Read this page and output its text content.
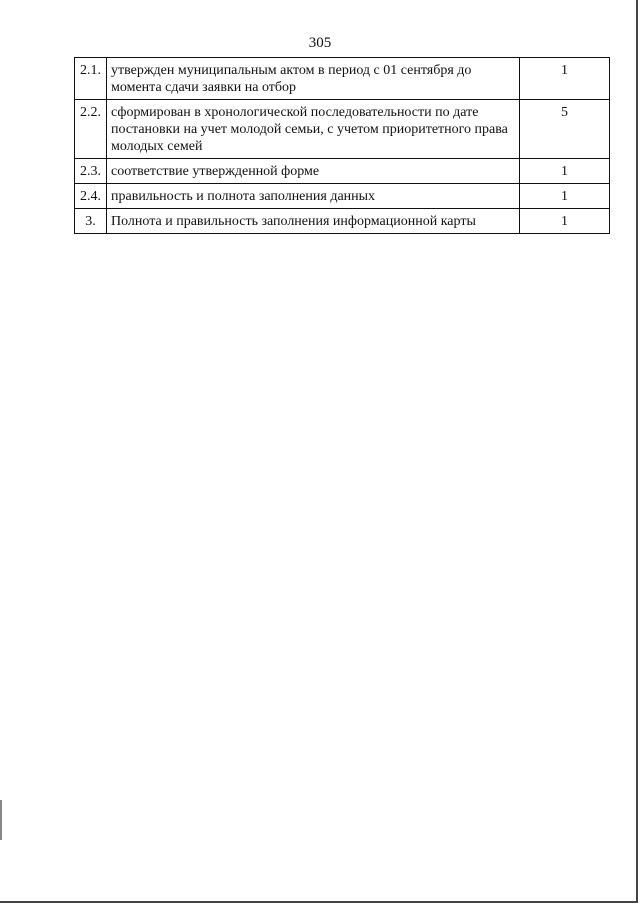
305
2.1.	утвержден муниципальным актом в период с 01 сентября до момента сдачи заявки на отбор	1
2.2.	сформирован в хронологической последовательности по дате постановки на учет молодой семьи, с учетом приоритетного права молодых семей	5
2.3.	соответствие утвержденной форме	1
2.4.	правильность и полнота заполнения данных	1
3.	Полнота и правильность заполнения информационной карты	1
